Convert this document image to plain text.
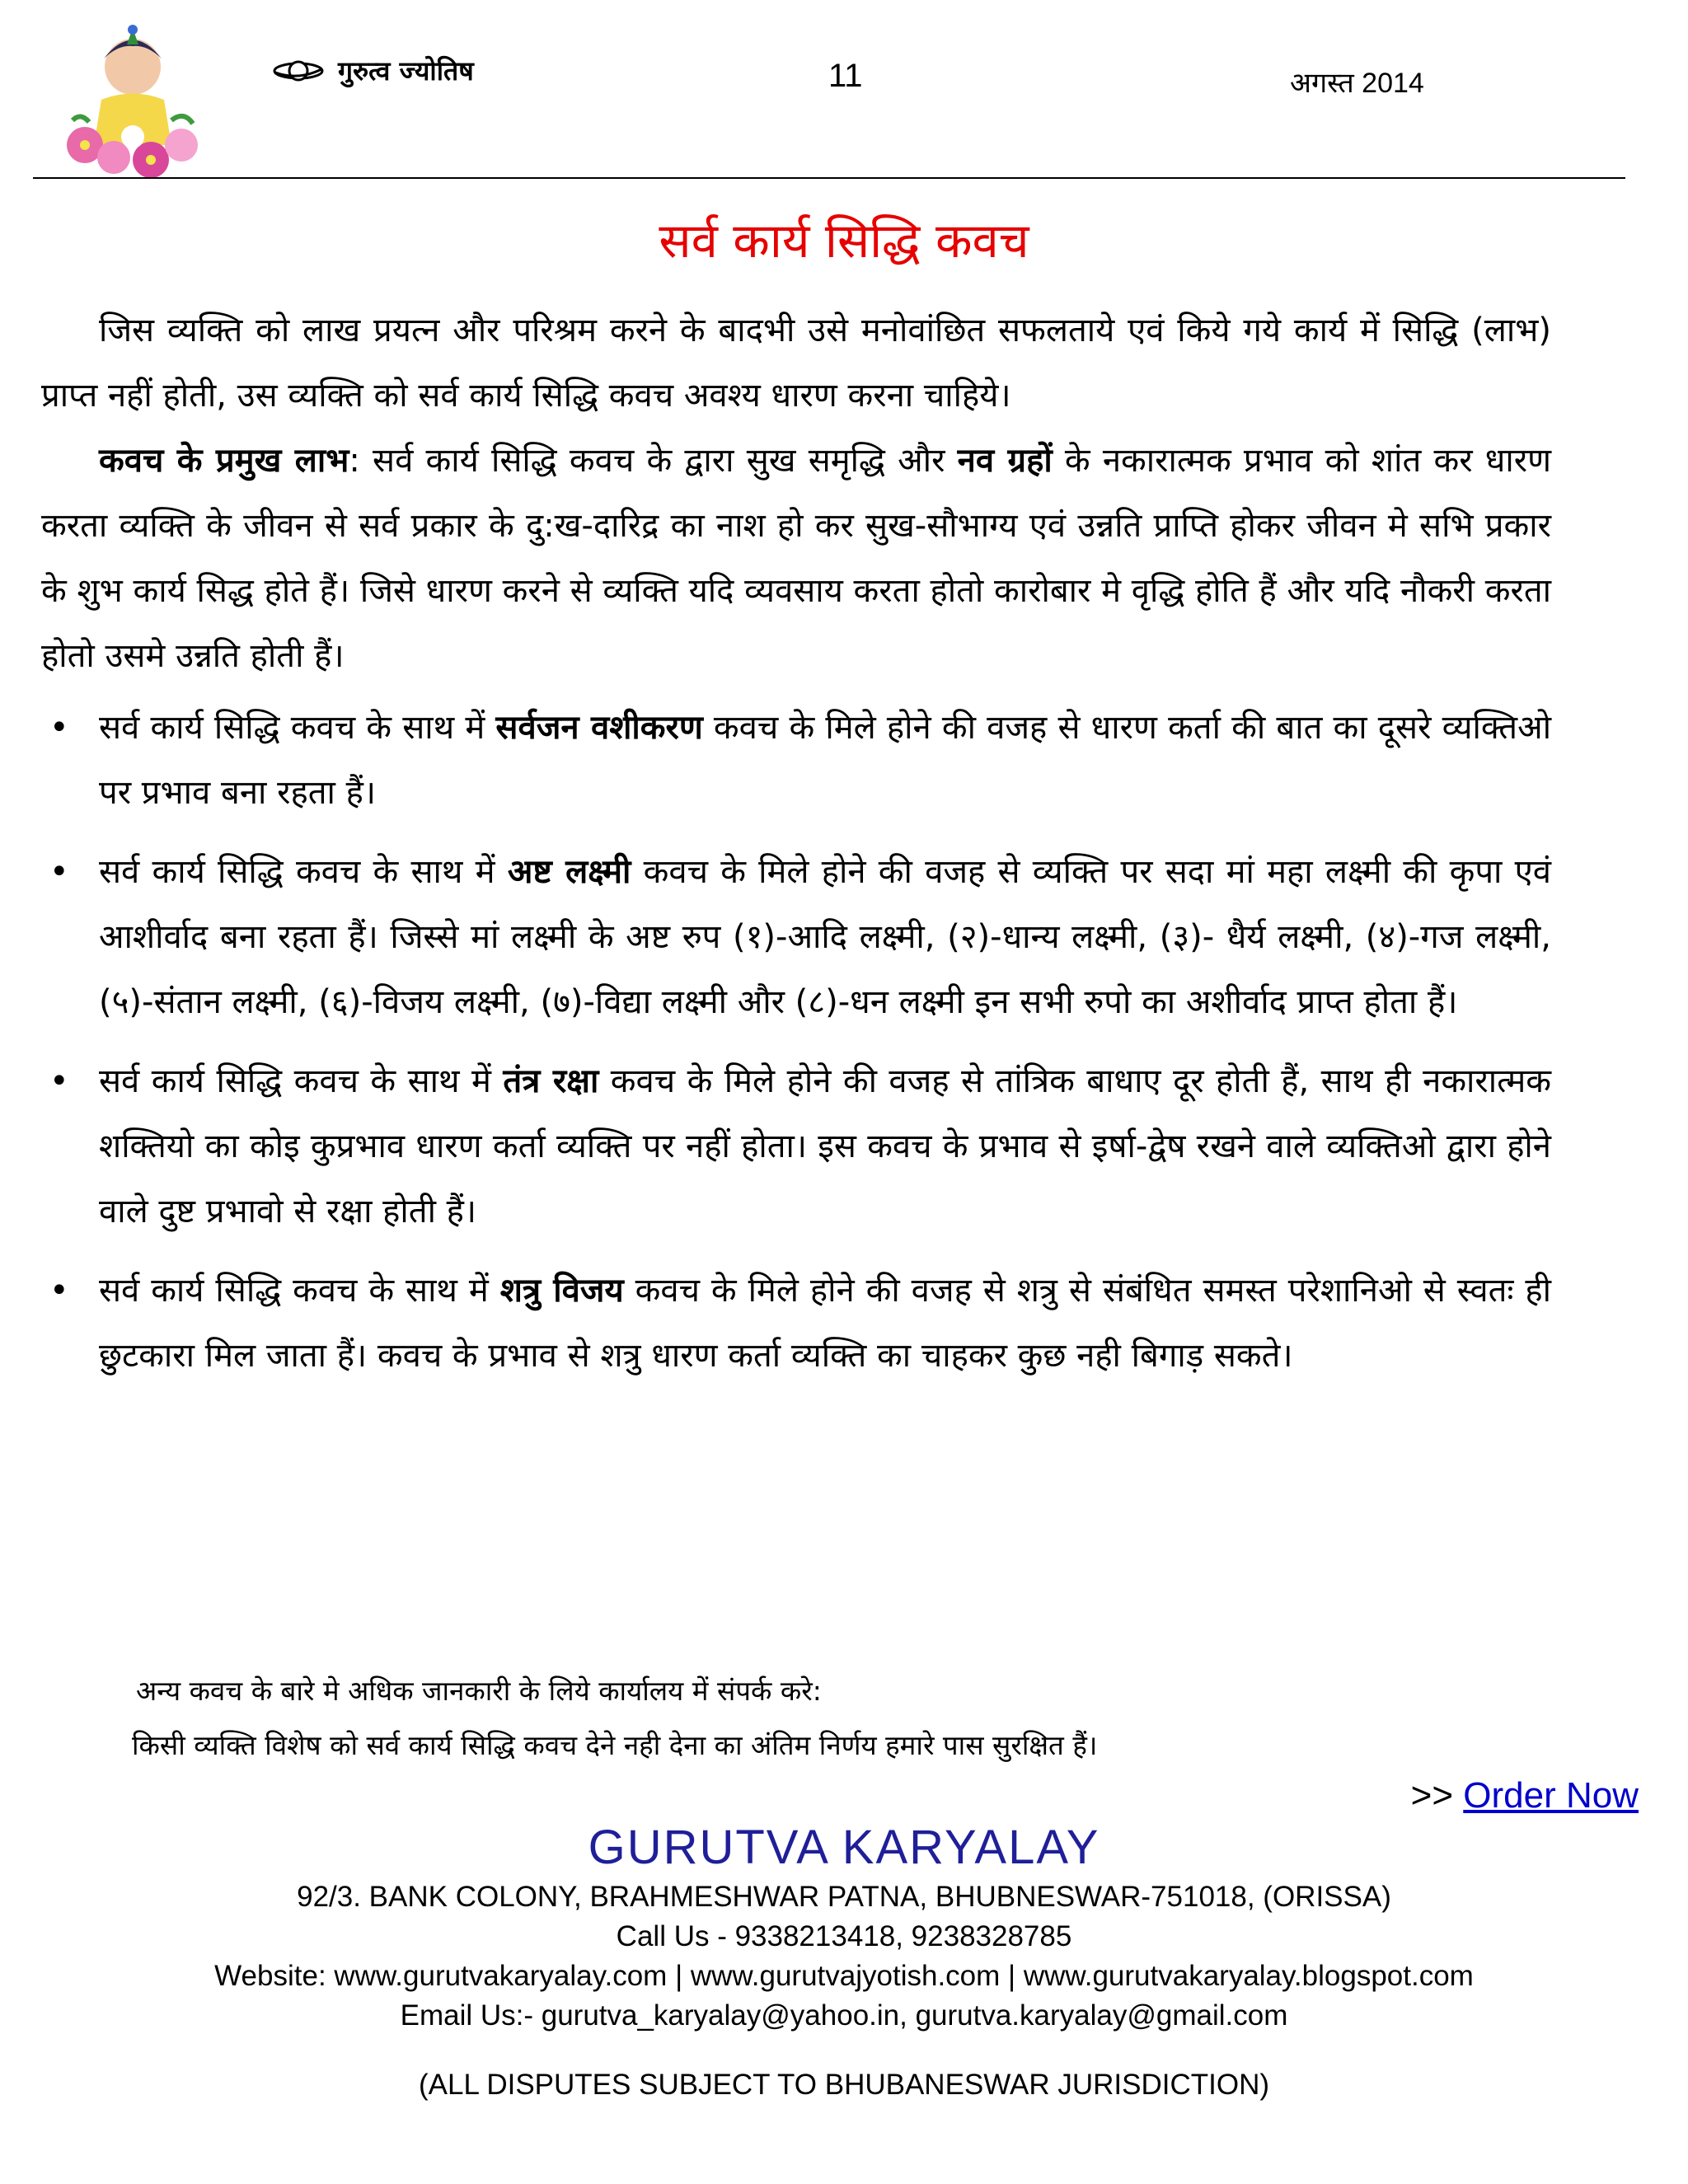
गुरुत्व ज्योतिष	11	अगस्त 2014
सर्व कार्य सिद्धि कवच

जिस व्यक्ति को लाख प्रयत्न और परिश्रम करने के बादभी उसे मनोवांछित सफलताये एवं किये गये कार्य में सिद्धि (लाभ) प्राप्त नहीं होती, उस व्यक्ति को सर्व कार्य सिद्धि कवच अवश्य धारण करना चाहिये।

कवच के प्रमुख लाभ: सर्व कार्य सिद्धि कवच के द्वारा सुख समृद्धि और नव ग्रहों के नकारात्मक प्रभाव को शांत कर धारण करता व्यक्ति के जीवन से सर्व प्रकार के दु:ख-दारिद्र का नाश हो कर सुख-सौभाग्य एवं उन्नति प्राप्ति होकर जीवन मे सभि प्रकार के शुभ कार्य सिद्ध होते हैं। जिसे धारण करने से व्यक्ति यदि व्यवसाय करता होतो कारोबार मे वृद्धि होति हैं और यदि नौकरी करता होतो उसमे उन्नति होती हैं।

• सर्व कार्य सिद्धि कवच के साथ में सर्वजन वशीकरण कवच के मिले होने की वजह से धारण कर्ता की बात का दूसरे व्यक्तिओ पर प्रभाव बना रहता हैं।
• सर्व कार्य सिद्धि कवच के साथ में अष्ट लक्ष्मी कवच के मिले होने की वजह से व्यक्ति पर सदा मां महा लक्ष्मी की कृपा एवं आशीर्वाद बना रहता हैं। जिस्से मां लक्ष्मी के अष्ट रुप (१)-आदि लक्ष्मी, (२)-धान्य लक्ष्मी, (३)- धैर्य लक्ष्मी, (४)-गज लक्ष्मी, (५)-संतान लक्ष्मी, (६)-विजय लक्ष्मी, (७)-विद्या लक्ष्मी और (८)-धन लक्ष्मी इन सभी रुपो का अशीर्वाद प्राप्त होता हैं।
• सर्व कार्य सिद्धि कवच के साथ में तंत्र रक्षा कवच के मिले होने की वजह से तांत्रिक बाधाए दूर होती हैं, साथ ही नकारात्मक शक्तियो का कोइ कुप्रभाव धारण कर्ता व्यक्ति पर नहीं होता। इस कवच के प्रभाव से इर्षा-द्वेष रखने वाले व्यक्तिओ द्वारा होने वाले दुष्ट प्रभावो से रक्षा होती हैं।
• सर्व कार्य सिद्धि कवच के साथ में शत्रु विजय कवच के मिले होने की वजह से शत्रु से संबंधित समस्त परेशानिओ से स्वतः ही छुटकारा मिल जाता हैं। कवच के प्रभाव से शत्रु धारण कर्ता व्यक्ति का चाहकर कुछ नही बिगाड़ सकते।
अन्य कवच के बारे मे अधिक जानकारी के लिये कार्यालय में संपर्क करे:
किसी व्यक्ति विशेष को सर्व कार्य सिद्धि कवच देने नही देना का अंतिम निर्णय हमारे पास सुरक्षित हैं।
>> Order Now
GURUTVA KARYALAY
92/3. BANK COLONY, BRAHMESHWAR PATNA, BHUBNESWAR-751018, (ORISSA)
Call Us - 9338213418, 9238328785
Website: www.gurutvakaryalay.com | www.gurutvajyotish.com | www.gurutvakaryalay.blogspot.com
Email Us:- gurutva_karyalay@yahoo.in, gurutva.karyalay@gmail.com
(ALL DISPUTES SUBJECT TO BHUBANESWAR JURISDICTION)
